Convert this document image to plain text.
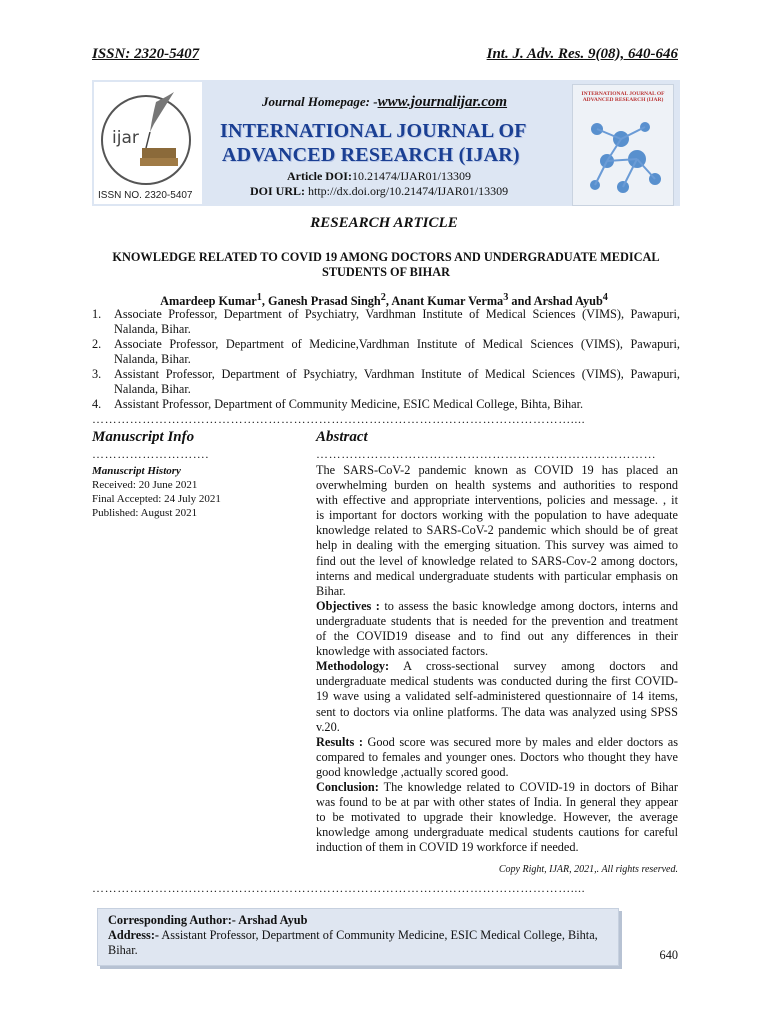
ISSN: 2320-5407	Int. J. Adv. Res. 9(08), 640-646
ijar
ISSN NO. 2320-5407
Journal Homepage: -www.journalijar.com
INTERNATIONAL JOURNAL OF
ADVANCED RESEARCH (IJAR)
Article DOI:10.21474/IJAR01/13309
DOI URL: http://dx.doi.org/10.21474/IJAR01/13309
INTERNATIONAL JOURNAL OF ADVANCED RESEARCH (IJAR)
RESEARCH ARTICLE
KNOWLEDGE RELATED TO COVID 19 AMONG DOCTORS AND UNDERGRADUATE MEDICAL
STUDENTS OF BIHAR
Amardeep Kumar$^1$, Ganesh Prasad Singh$^2$, Anant Kumar Verma$^3$ and Arshad Ayub$^4$
1.	Associate Professor, Department of Psychiatry, Vardhman Institute of Medical Sciences (VIMS), Pawapuri,
Nalanda, Bihar.
2.	Associate Professor, Department of Medicine,Vardhman Institute of Medical Sciences (VIMS), Pawapuri,
Nalanda, Bihar.
3.	Assistant Professor, Department of Psychiatry, Vardhman Institute of Medical Sciences (VIMS), Pawapuri,
Nalanda, Bihar.
4.	Assistant Professor, Department of Community Medicine, ESIC Medical College, Bihta, Bihar.
……………………………………………………………………………………………………....
Manuscript Info
……………………….
Manuscript History
Received: 20 June 2021
Final Accepted: 24 July 2021
Published: August 2021
Abstract
………………………………………………………………………
The SARS-CoV-2 pandemic known as COVID 19 has placed an
overwhelming burden on health systems and authorities to respond
with effective and appropriate interventions, policies and message. , it
is important for doctors working with the population to have adequate
knowledge related to SARS-CoV-2 pandemic which should be of great
help in dealing with the emerging situation. This survey was aimed to
find out the level of knowledge related to SARS-Cov-2 among doctors,
interns and medical undergraduate students with particular emphasis on
Bihar.
Objectives : to assess the basic knowledge among doctors, interns and
undergraduate students that is needed for the prevention and treatment
of the COVID19 disease and to find out any differences in their
knowledge with associated factors.
Methodology: A cross-sectional survey among doctors and
undergraduate medical students was conducted during the first COVID-
19 wave using a validated self-administered questionnaire of 14 items,
sent to doctors via online platforms. The data was analyzed using SPSS
v.20.
Results : Good score was secured more by males and elder doctors as
compared to females and younger ones. Doctors who thought they have
good knowledge ,actually scored good.
Conclusion: The knowledge related to COVID-19 in doctors of Bihar
was found to be at par with other states of India. In general they appear
to be motivated to upgrade their knowledge. However, the average
knowledge among undergraduate medical students cautions for careful
induction of them in COVID 19 workforce if needed.
Copy Right, IJAR, 2021,. All rights reserved.
……………………………………………………………………………………………………....
Corresponding Author:- Arshad Ayub
Address:- Assistant Professor, Department of Community Medicine, ESIC Medical College, Bihta,
Bihar.	640
